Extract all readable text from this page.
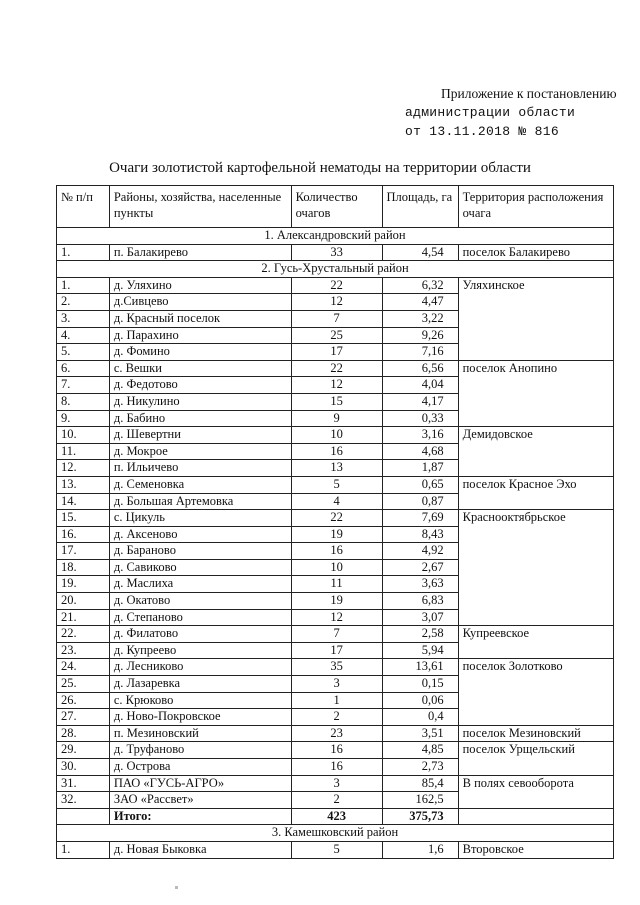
Приложение к постановлению
администрации области
от 13.11.2018 № 816
Очаги золотистой картофельной нематоды на территории области
№ п/п	Районы, хозяйства, населенные пункты	Количество очагов	Площадь, га	Территория расположения очага
1. Александровский район				
1.	п. Балакирево	33	4,54	поселок Балакирево
2. Гусь-Хрустальный район				
1.	д. Уляхино	22	6,32	Уляхинское
2.	д.Сивцево	12	4,47	
3.	д. Красный поселок	7	3,22	
4.	д. Парахино	25	9,26	
5.	д. Фомино	17	7,16	
6.	с. Вешки	22	6,56	поселок Анопино
7.	д. Федотово	12	4,04	
8.	д. Никулино	15	4,17	
9.	д. Бабино	9	0,33	
10.	д. Шевертни	10	3,16	Демидовское
11.	д. Мокрое	16	4,68	
12.	п. Ильичево	13	1,87	
13.	д. Семеновка	5	0,65	поселок Красное Эхо
14.	д. Большая Артемовка	4	0,87	
15.	с. Цикуль	22	7,69	Краснооктябрьское
16.	д. Аксеново	19	8,43	
17.	д. Бараново	16	4,92	
18.	д. Савиково	10	2,67	
19.	д. Маслиха	11	3,63	
20.	д. Окатово	19	6,83	
21.	д. Степаново	12	3,07	
22.	д. Филатово	7	2,58	Купреевское
23.	д. Купреево	17	5,94	
24.	д. Лесниково	35	13,61	поселок Золотково
25.	д. Лазаревка	3	0,15	
26.	с. Крюково	1	0,06	
27.	д. Ново-Покровское	2	0,4	
28.	п. Мезиновский	23	3,51	поселок Мезиновский
29.	д. Труфаново	16	4,85	поселок Урщельский
30.	д. Острова	16	2,73	
31.	ПАО «ГУСЬ-АГРО»	3	85,4	В полях севооборота
32.	ЗАО «Рассвет»	2	162,5	
	Итого:	423	375,73	
3. Камешковский район				
1.	д. Новая Быковка	5	1,6	Второвское
